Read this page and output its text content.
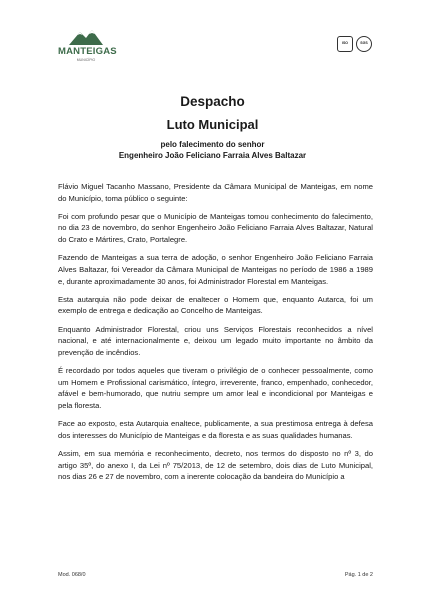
MANTEIGAS
MUNICÍPIO
ISO	SGS
Despacho
Luto Municipal
pelo falecimento do senhor
Engenheiro João Feliciano Farraia Alves Baltazar

Flávio Miguel Tacanho Massano, Presidente da Câmara Municipal de Manteigas, em nome do Município, toma público o seguinte:

Foi com profundo pesar que o Município de Manteigas tomou conhecimento do falecimento, no dia 23 de novembro, do senhor Engenheiro João Feliciano Farraia Alves Baltazar, Natural do Crato e Mártires, Crato, Portalegre.

Fazendo de Manteigas a sua terra de adoção, o senhor Engenheiro João Feliciano Farraia Alves Baltazar, foi Vereador da Câmara Municipal de Manteigas no período de 1986 a 1989 e, durante aproximadamente 30 anos, foi Administrador Florestal em Manteigas.

Esta autarquia não pode deixar de enaltecer o Homem que, enquanto Autarca, foi um exemplo de entrega e dedicação ao Concelho de Manteigas.

Enquanto Administrador Florestal, criou uns Serviços Florestais reconhecidos a nível nacional, e até internacionalmente e, deixou um legado muito importante no âmbito da prevenção de incêndios.

É recordado por todos aqueles que tiveram o privilégio de o conhecer pessoalmente, como um Homem e Profissional carismático, íntegro, irreverente, franco, empenhado, conhecedor, afável e bem-humorado, que nutriu sempre um amor leal e incondicional por Manteigas e pela floresta.

Face ao exposto, esta Autarquia enaltece, publicamente, a sua prestimosa entrega à defesa dos interesses do Município de Manteigas e da floresta e as suas qualidades humanas.

Assim, em sua memória e reconhecimento, decreto, nos termos do disposto no nº 3, do artigo 35º, do anexo I, da Lei nº 75/2013, de 12 de setembro, dois dias de Luto Municipal, nos dias 26 e 27 de novembro, com a inerente colocação da bandeira do Município a

Mod. 068/0	Pág. 1 de 2
